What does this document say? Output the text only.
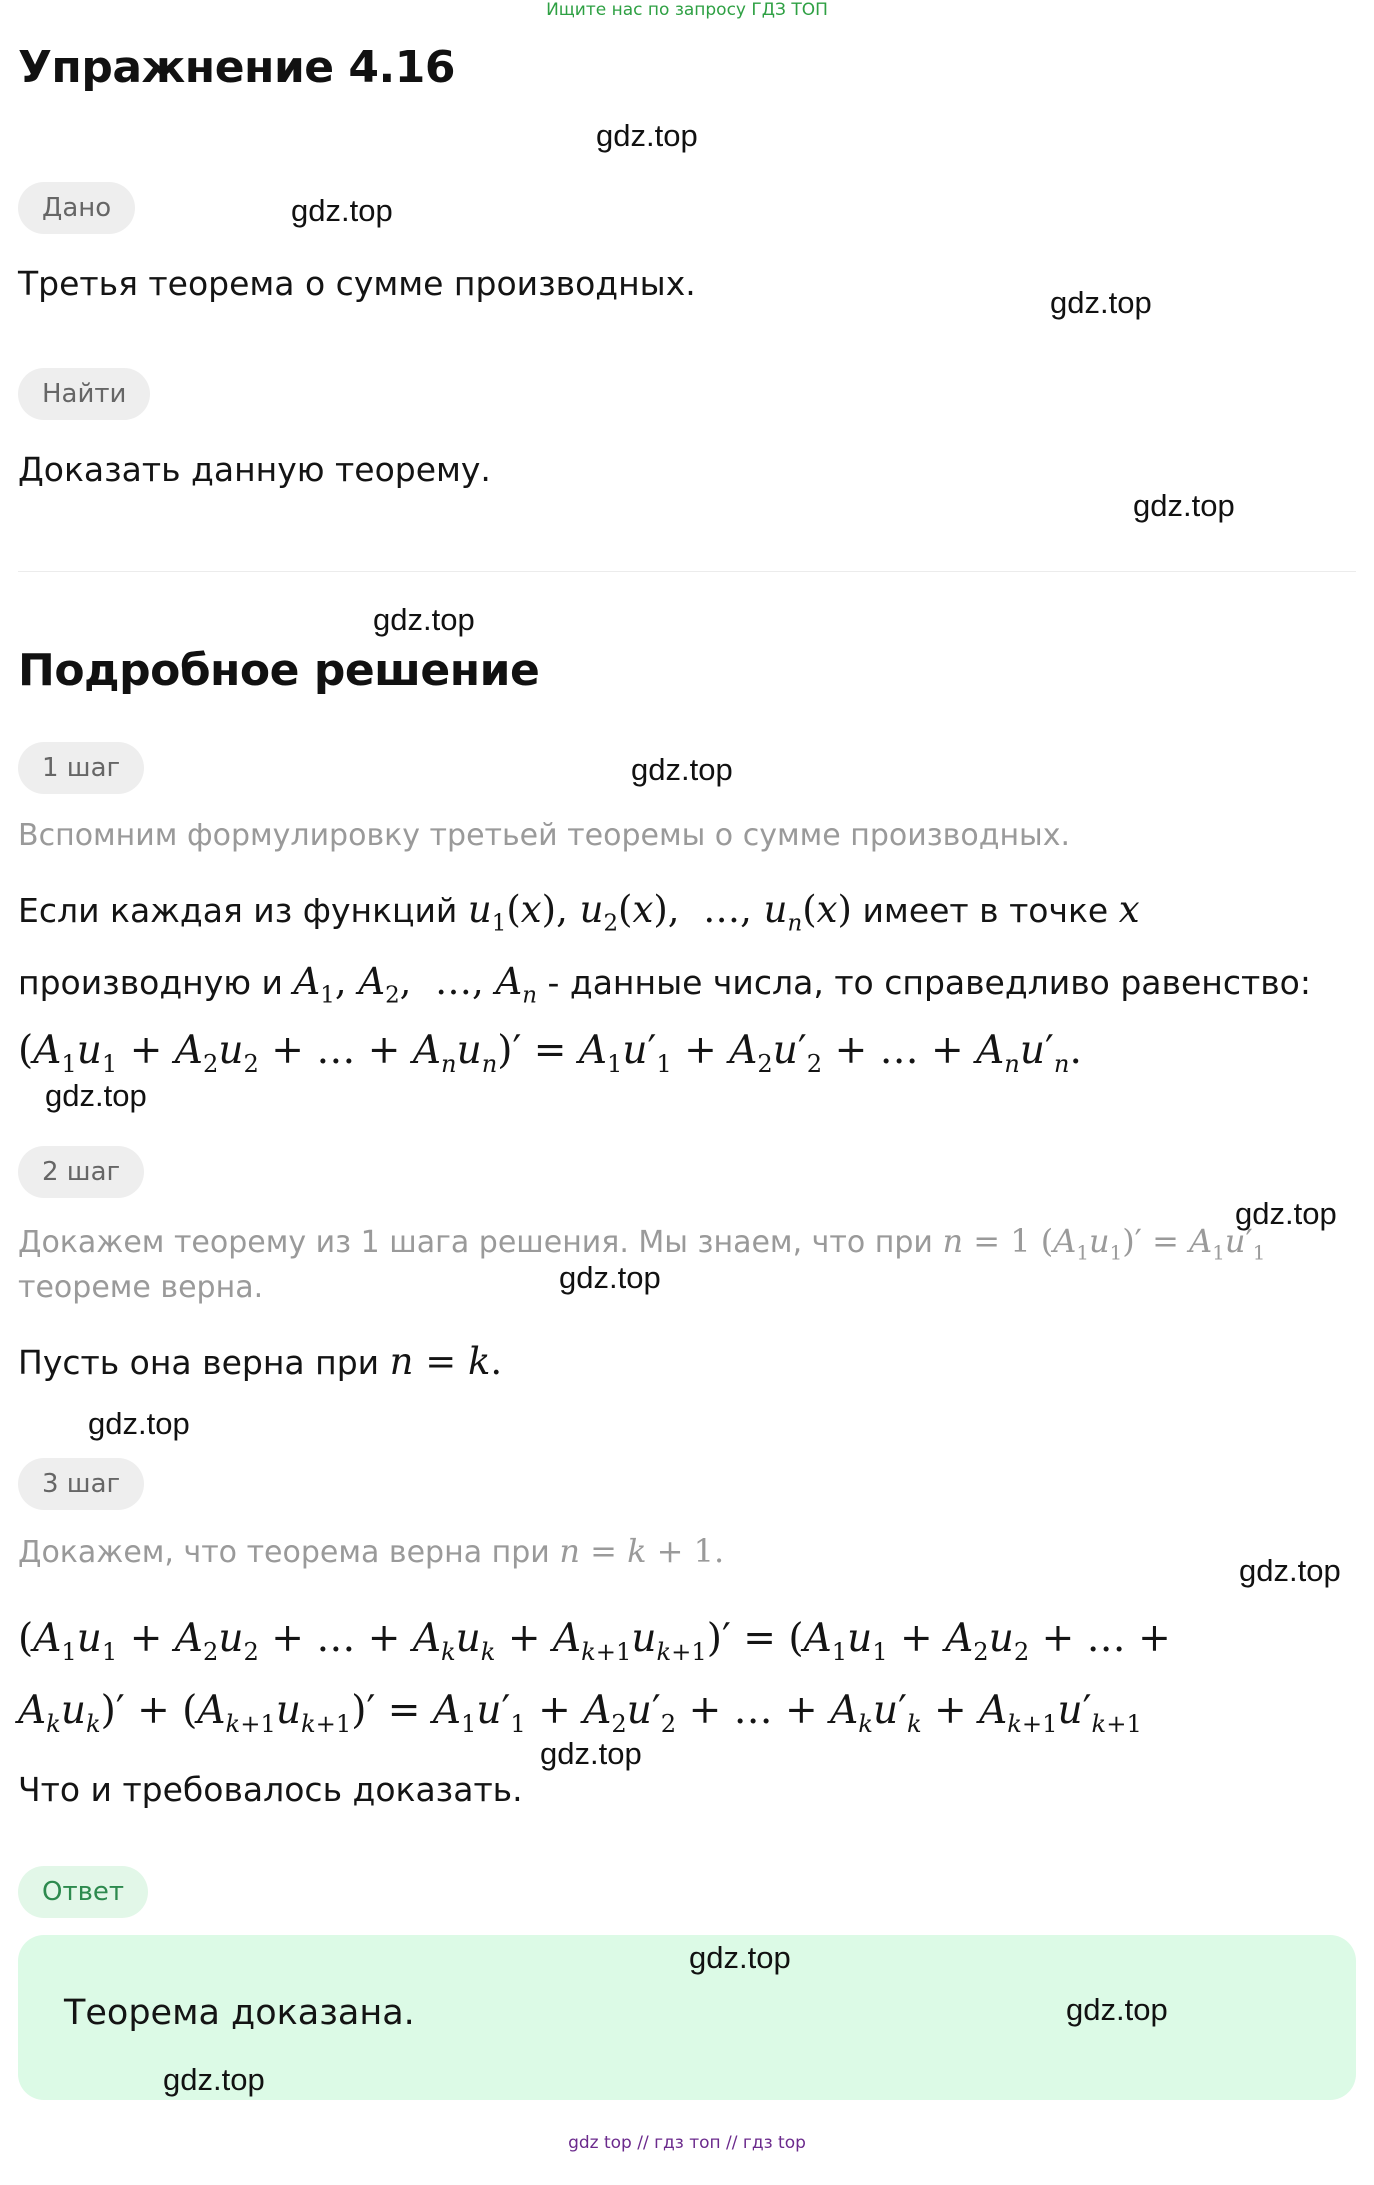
Ищите нас по запросу ГДЗ ТОП
Упражнение 4.16
Дано
Третья теорема о сумме производных.
Найти
Доказать данную теорему.
Подробное решение
1 шаг
Вспомним формулировку третьей теоремы о сумме производных.
Если каждая из функций $u_1(x)$, $u_2(x)$,  …, $u_n(x)$ имеет в точке x
производную и $A_1$, $A_2$,  …, $A_n$ - данные числа, то справедливо равенство:
($A_1u_1 + A_2u_2$ + … + $A_nu_n)' = A_1u'_1 + A_2u'_2$ + … + $A_nu'_n$.
2 шаг
Докажем теорему из 1 шага решения. Мы знаем, что при n = 1 $(A_1u_1)' = A_1u'_1$
теореме верна.
Пусть она верна при n = k.
3 шаг
Докажем, что теорема верна при n = k + 1.
($A_1u_1 + A_2u_2$ + … + $A_ku_k + A_{k+1}u_{k+1})' = (A_1u_1 + A_2u_2$ + … +
$A_ku_k)' + (A_{k+1}u_{k+1})' = A_1u'_1 + A_2u'_2$ + … + $A_ku'_k + A_{k+1}u'_{k+1}$
Что и требовалось доказать.
Ответ
Теорема доказана.
gdz.top
gdz.top
gdz.top
gdz.top
gdz.top
gdz.top
gdz.top
gdz.top
gdz.top
gdz.top
gdz.top
gdz.top
gdz.top
gdz.top
gdz.top
gdz top // гдз топ // гдз top
